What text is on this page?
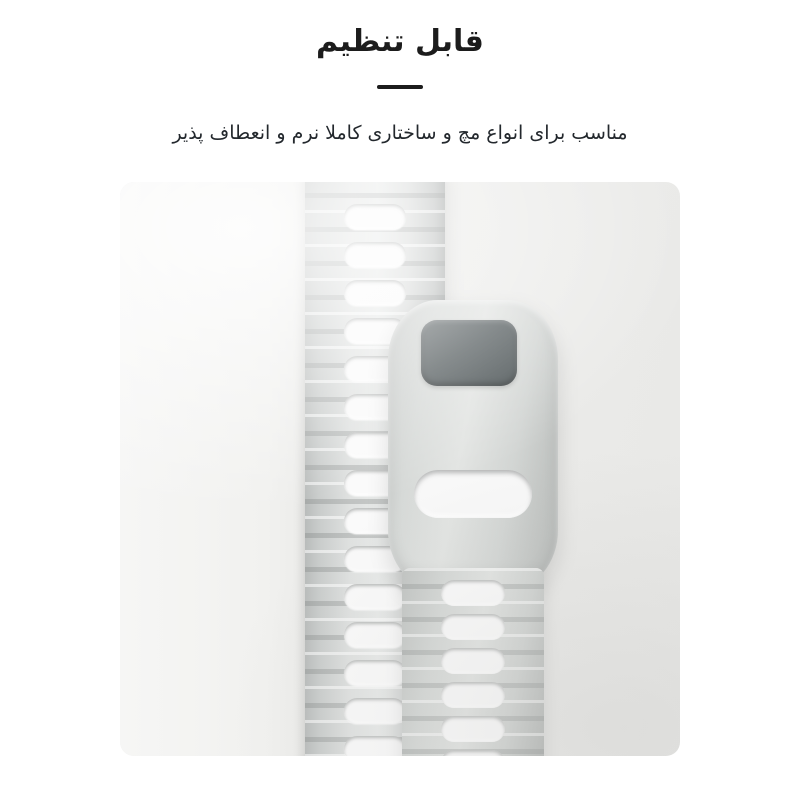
قابل تنظیم
مناسب برای انواع مچ و ساختاری کاملا نرم و انعطاف پذیر
